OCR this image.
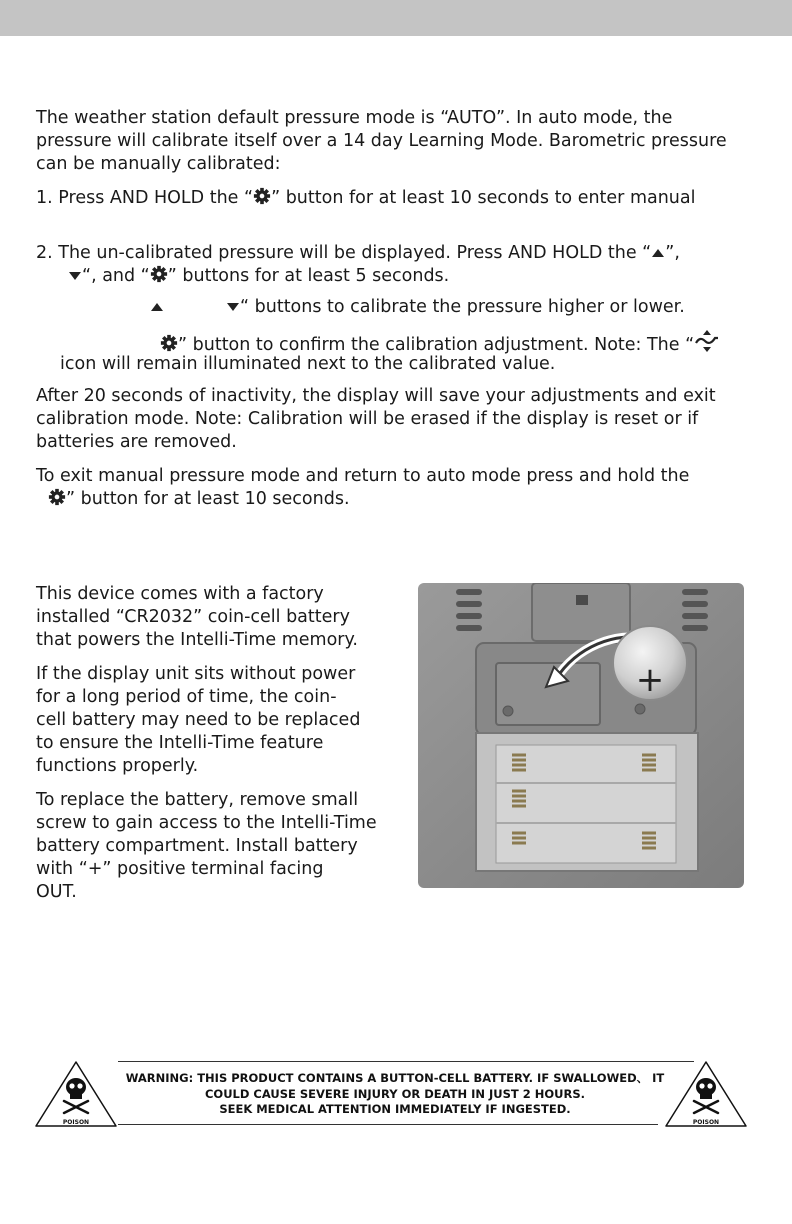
The weather station default pressure mode is “AUTO”. In auto mode, the
pressure will calibrate itself over a 14 day Learning Mode. Barometric pressure
can be manually calibrated:
1. Press AND HOLD the “ ” button for at least 10 seconds to enter manual
2. The un-calibrated pressure will be displayed. Press AND HOLD the “ ”,
“, and “ ” buttons for at least 5 seconds.
“ buttons to calibrate the pressure higher or lower.
” button to confirm the calibration adjustment. Note: The “
icon will remain illuminated next to the calibrated value.
After 20 seconds of inactivity, the display will save your adjustments and exit
calibration mode. Note: Calibration will be erased if the display is reset or if
batteries are removed.
To exit manual pressure mode and return to auto mode press and hold the
” button for at least 10 seconds.
This device comes with a factory
installed “CR2032” coin-cell battery
that powers the Intelli-Time memory.
If the display unit sits without power
for a long period of time, the coin-
cell battery may need to be replaced
to ensure the Intelli-Time feature
functions properly.
To replace the battery, remove small
screw to gain access to the Intelli-Time
battery compartment. Install battery
with “+” positive terminal facing
OUT.
+
WARNING: THIS PRODUCT CONTAINS A BUTTON-CELL BATTERY. IF SWALLOWED、 IT
COULD CAUSE SEVERE INJURY OR DEATH IN JUST 2 HOURS.
SEEK MEDICAL ATTENTION IMMEDIATELY IF INGESTED.
POISON	POISON
